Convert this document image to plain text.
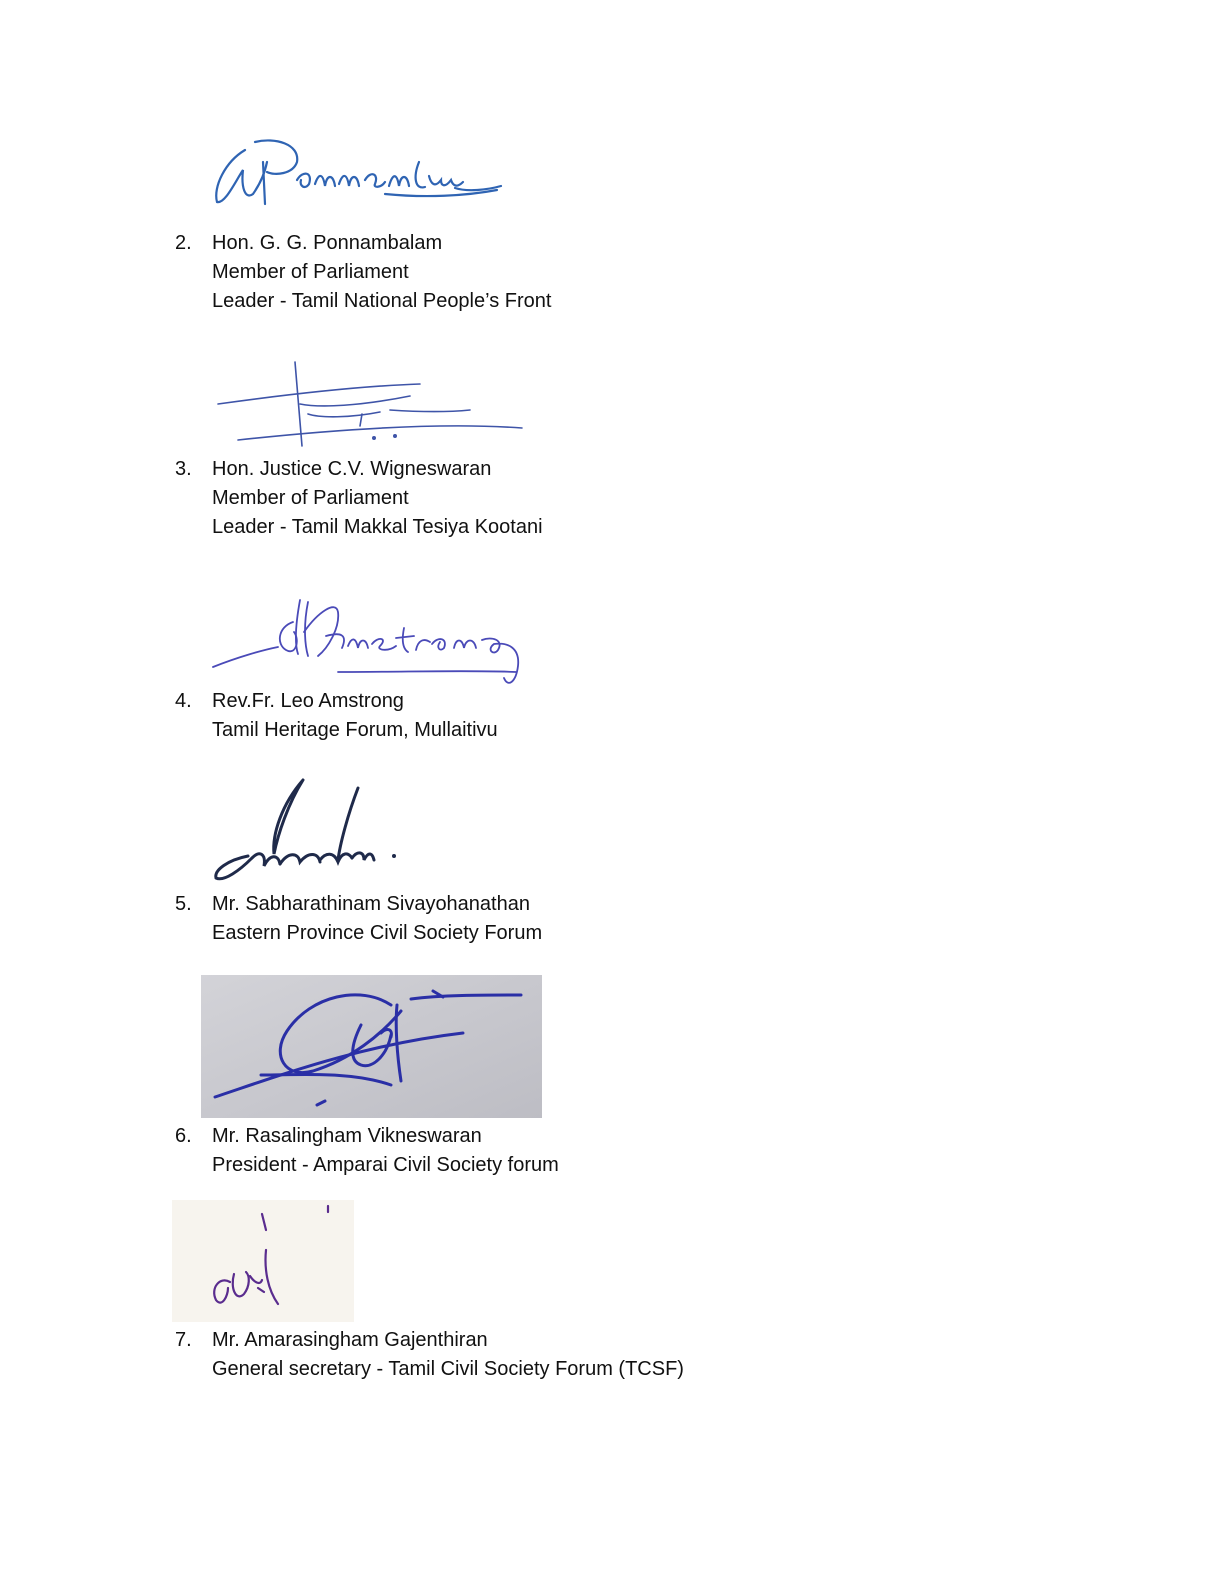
2.	Hon. G. G. Ponnambalam
Member of Parliament
Leader - Tamil National People’s Front
3.	Hon. Justice C.V. Wigneswaran
Member of Parliament
Leader - Tamil Makkal Tesiya Kootani
4.	Rev.Fr. Leo Amstrong
Tamil Heritage Forum, Mullaitivu
5.	Mr. Sabharathinam Sivayohanathan
Eastern Province Civil Society Forum
6.	Mr. Rasalingham Vikneswaran
President - Amparai Civil Society forum
7.	Mr. Amarasingham Gajenthiran
General secretary - Tamil Civil Society Forum (TCSF)
